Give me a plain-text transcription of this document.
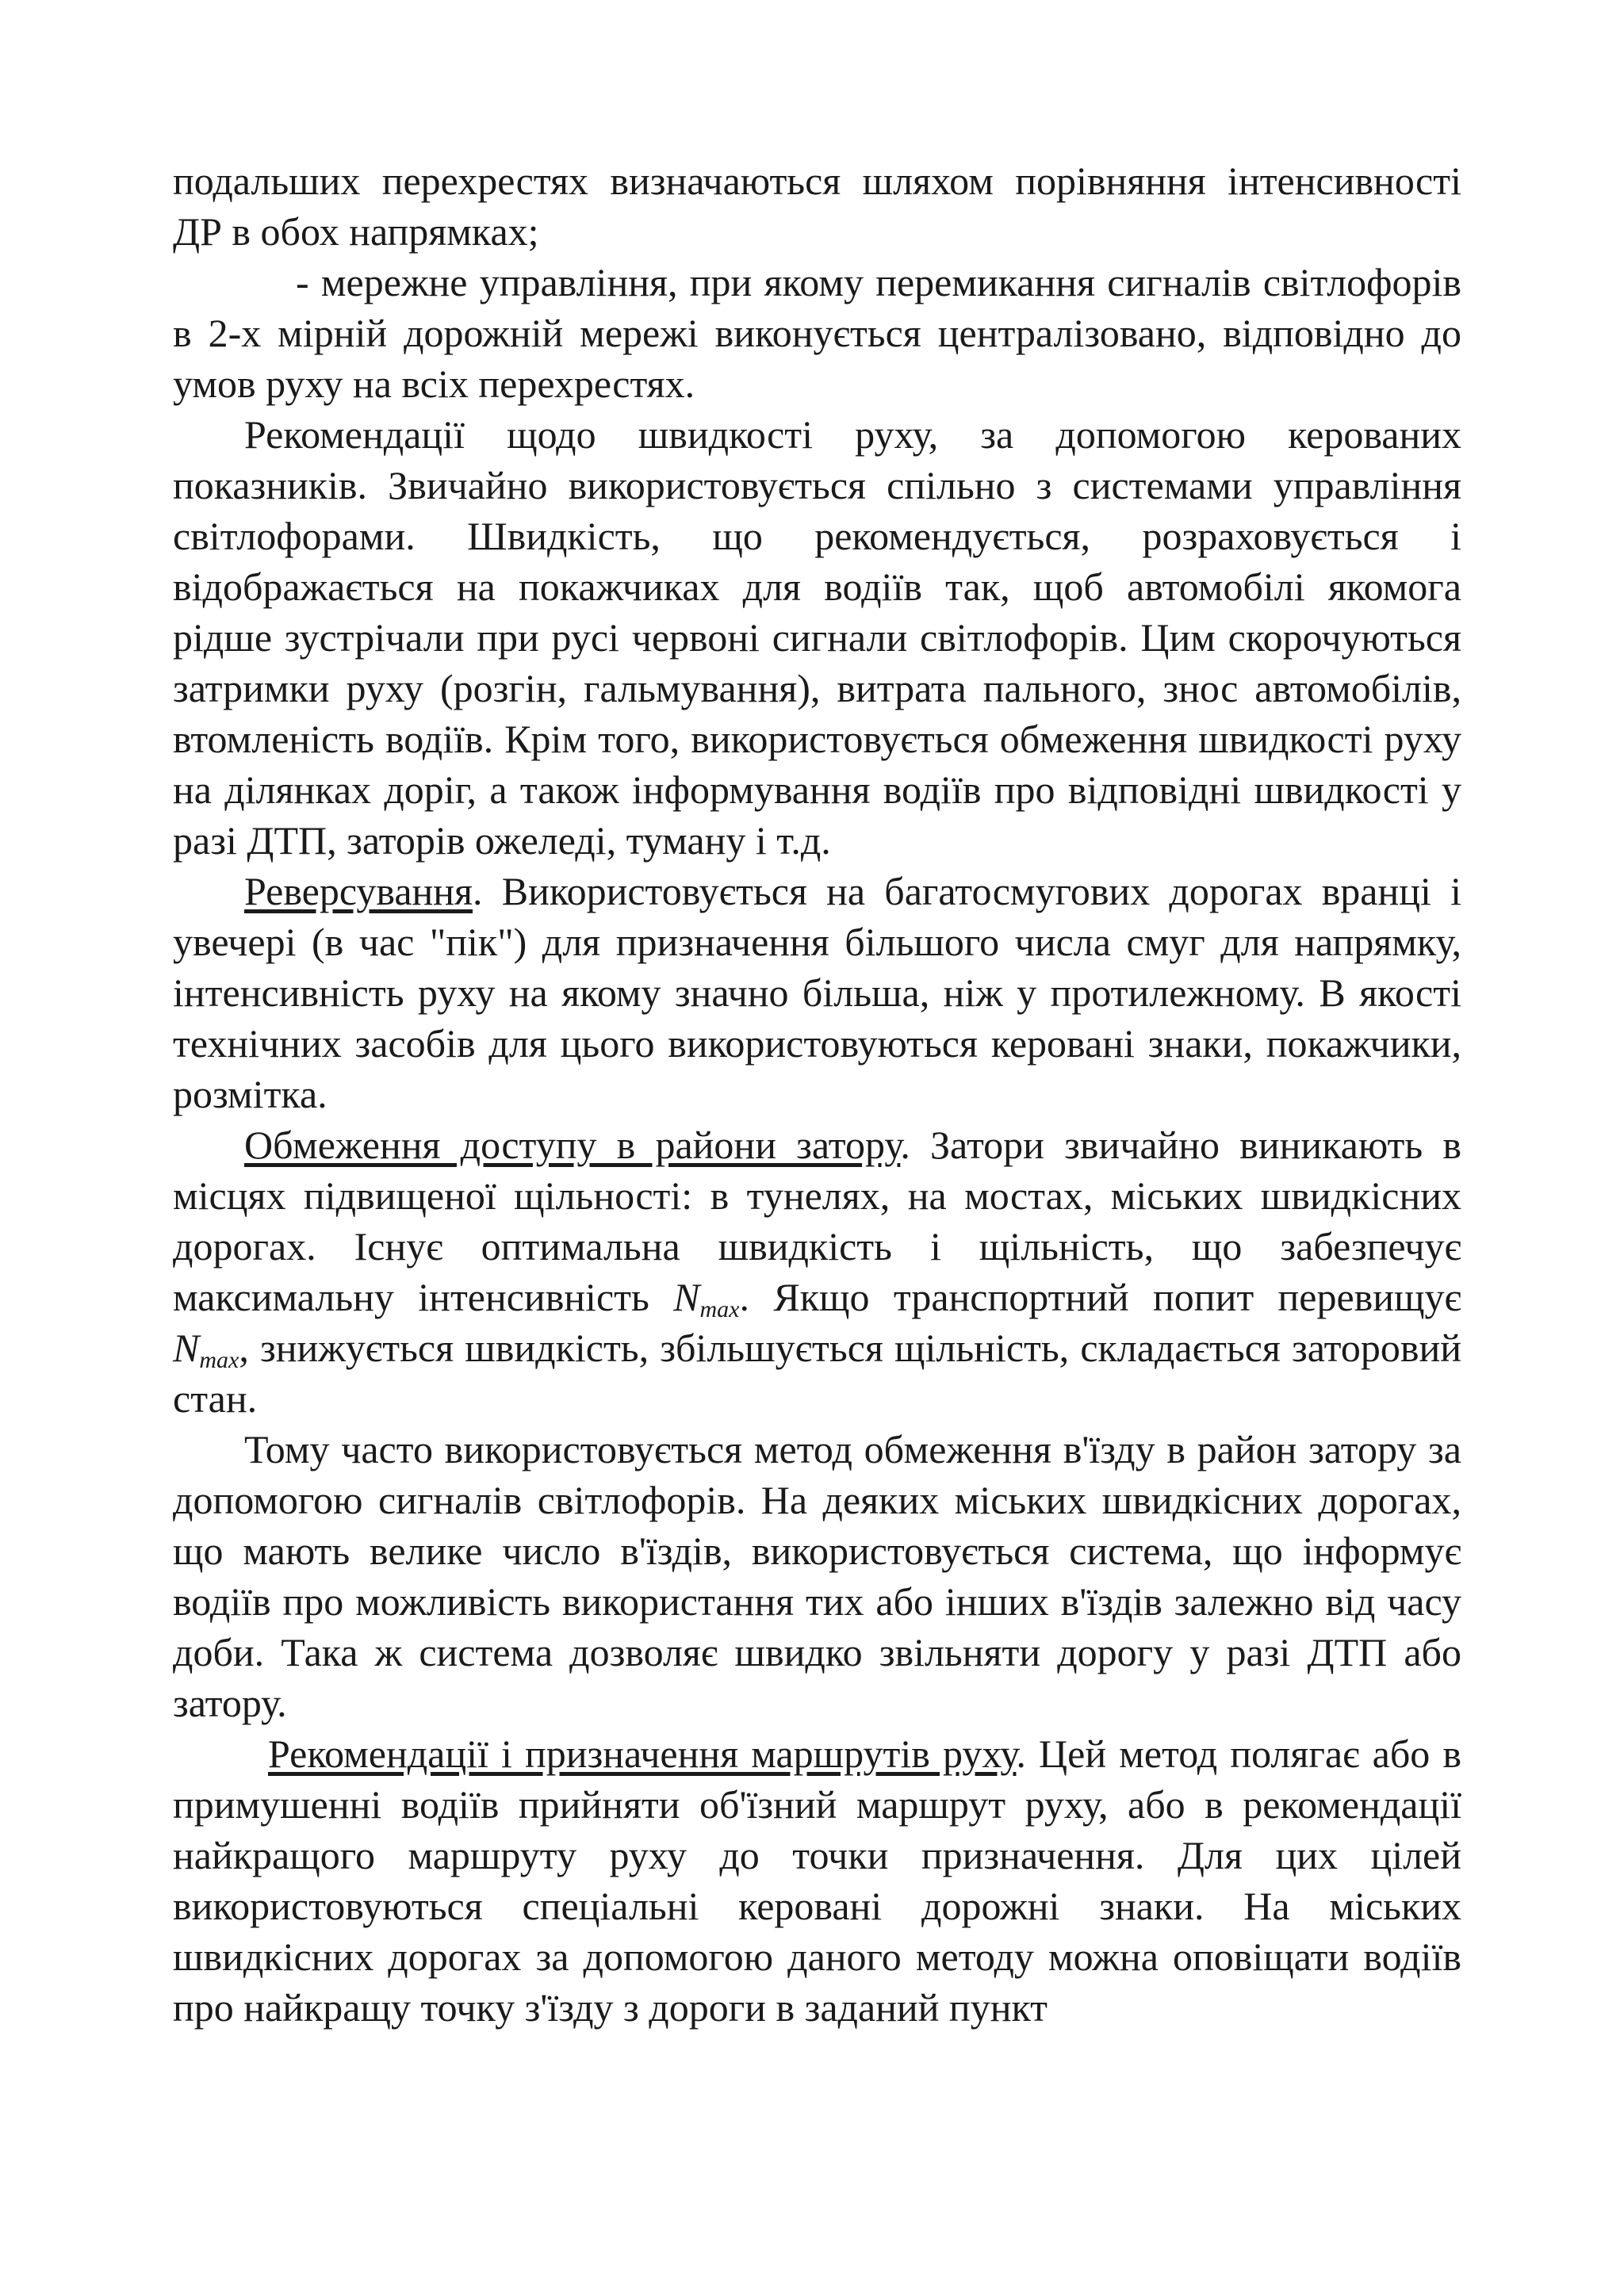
подальших перехрестях визначаються шляхом порівняння інтенсивності ДР в обох напрямках;

- мережне управління, при якому перемикання сигналів світлофорів в 2-х мірній дорожній мережі виконується централізовано, відповідно до умов руху на всіх перехрестях.

Рекомендації щодо швидкості руху, за допомогою керованих показників. Звичайно використовується спільно з системами управління світлофорами. Швидкість, що рекомендується, розраховується і відображається на покажчиках для водіїв так, щоб автомобілі якомога рідше зустрічали при русі червоні сигнали світлофорів. Цим скорочуються затримки руху (розгін, гальмування), витрата пального, знос автомобілів, втомленість водіїв. Крім того, використовується обмеження швидкості руху на ділянках доріг, а також інформування водіїв про відповідні швидкості у разі ДТП, заторів ожеледі, туману і т.д.

Реверсування. Використовується на багатосмугових дорогах вранці і увечері (в час "пік") для призначення більшого числа смуг для напрямку, інтенсивність руху на якому значно більша, ніж у протилежному. В якості технічних засобів для цього використовуються керовані знаки, покажчики, розмітка.

Обмеження доступу в райони затору. Затори звичайно виникають в місцях підвищеної щільності: в тунелях, на мостах, міських швидкісних дорогах. Існує оптимальна швидкість і щільність, що забезпечує максимальну інтенсивність $N_{max}$. Якщо транспортний попит перевищує $N_{max}$, знижується швидкість, збільшується щільність, складається заторовий стан.

Тому часто використовується метод обмеження в'їзду в район затору за допомогою сигналів світлофорів. На деяких міських швидкісних дорогах, що мають велике число в'їздів, використовується система, що інформує водіїв про можливість використання тих або інших в'їздів залежно від часу доби. Така ж система дозволяє швидко звільняти дорогу у разі ДТП або затору.

Рекомендації і призначення маршрутів руху. Цей метод полягає або в примушенні водіїв прийняти об'їзний маршрут руху, або в рекомендації найкращого маршруту руху до точки призначення. Для цих цілей використовуються спеціальні керовані дорожні знаки. На міських швидкісних дорогах за допомогою даного методу можна оповіщати водіїв про найкращу точку з'їзду з дороги в заданий пункт
